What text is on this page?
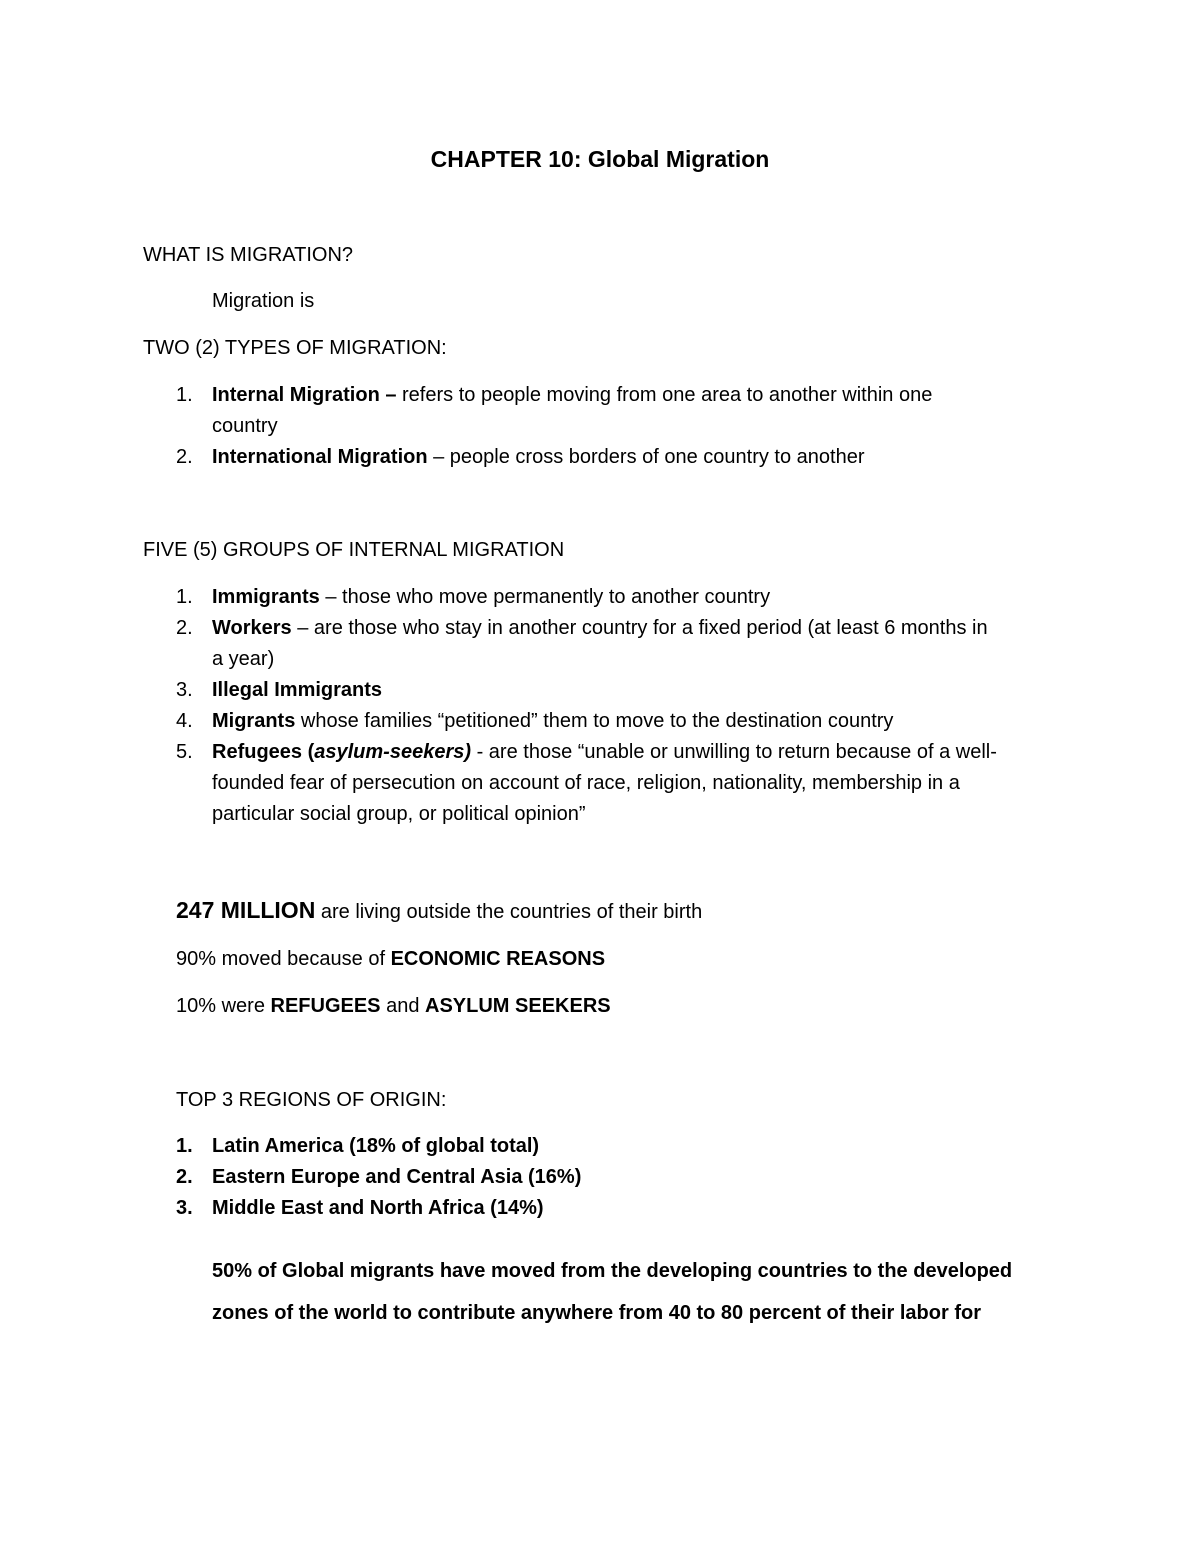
CHAPTER 10: Global Migration
WHAT IS MIGRATION?
Migration is
TWO (2) TYPES OF MIGRATION:
1. Internal Migration – refers to people moving from one area to another within one
country
2. International Migration – people cross borders of one country to another
FIVE (5) GROUPS OF INTERNAL MIGRATION
1. Immigrants – those who move permanently to another country
2. Workers – are those who stay in another country for a fixed period (at least 6 months in
a year)
3. Illegal Immigrants
4. Migrants whose families “petitioned” them to move to the destination country
5. Refugees (asylum-seekers) - are those “unable or unwilling to return because of a well-
founded fear of persecution on account of race, religion, nationality, membership in a
particular social group, or political opinion”
247 MILLION are living outside the countries of their birth
90% moved because of ECONOMIC REASONS
10% were REFUGEES and ASYLUM SEEKERS
TOP 3 REGIONS OF ORIGIN:
1. Latin America (18% of global total)
2. Eastern Europe and Central Asia (16%)
3. Middle East and North Africa (14%)
50% of Global migrants have moved from the developing countries to the developed
zones of the world to contribute anywhere from 40 to 80 percent of their labor for
